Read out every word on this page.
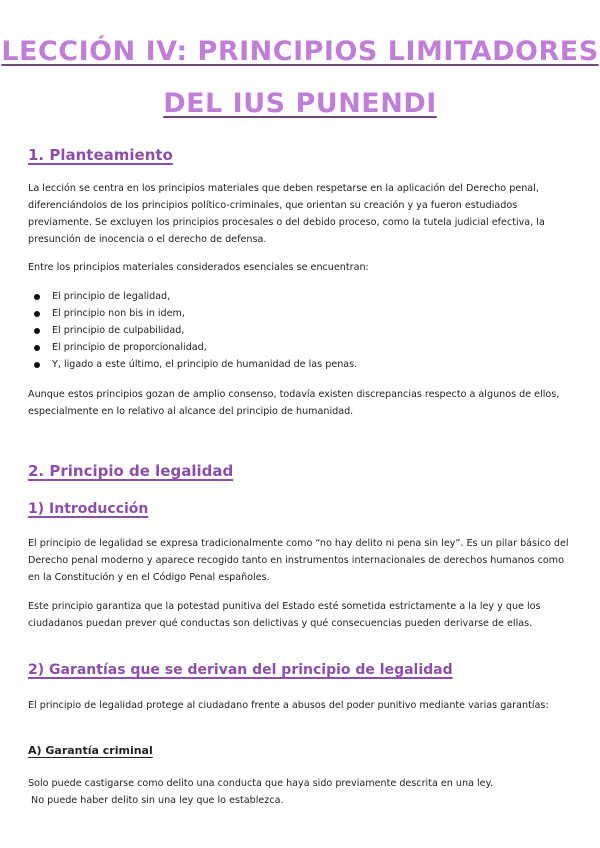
LECCIÓN IV: PRINCIPIOS LIMITADORES
DEL IUS PUNENDI
1. Planteamiento

La lección se centra en los principios materiales que deben respetarse en la aplicación del Derecho penal, diferenciándolos de los principios político-criminales, que orientan su creación y ya fueron estudiados previamente. Se excluyen los principios procesales o del debido proceso, como la tutela judicial efectiva, la presunción de inocencia o el derecho de defensa.

Entre los principios materiales considerados esenciales se encuentran:

El principio de legalidad,
El principio non bis in idem,
El principio de culpabilidad,
El principio de proporcionalidad,
Y, ligado a este último, el principio de humanidad de las penas.

Aunque estos principios gozan de amplio consenso, todavía existen discrepancias respecto a algunos de ellos, especialmente en lo relativo al alcance del principio de humanidad.

2. Principio de legalidad
1) Introducción

El principio de legalidad se expresa tradicionalmente como “no hay delito ni pena sin ley”. Es un pilar básico del Derecho penal moderno y aparece recogido tanto en instrumentos internacionales de derechos humanos como en la Constitución y en el Código Penal españoles.

Este principio garantiza que la potestad punitiva del Estado esté sometida estrictamente a la ley y que los ciudadanos puedan prever qué conductas son delictivas y qué consecuencias pueden derivarse de ellas.

2) Garantías que se derivan del principio de legalidad

El principio de legalidad protege al ciudadano frente a abusos del poder punitivo mediante varias garantías:

A) Garantía criminal

Solo puede castigarse como delito una conducta que haya sido previamente descrita en una ley.

No puede haber delito sin una ley que lo establezca.
